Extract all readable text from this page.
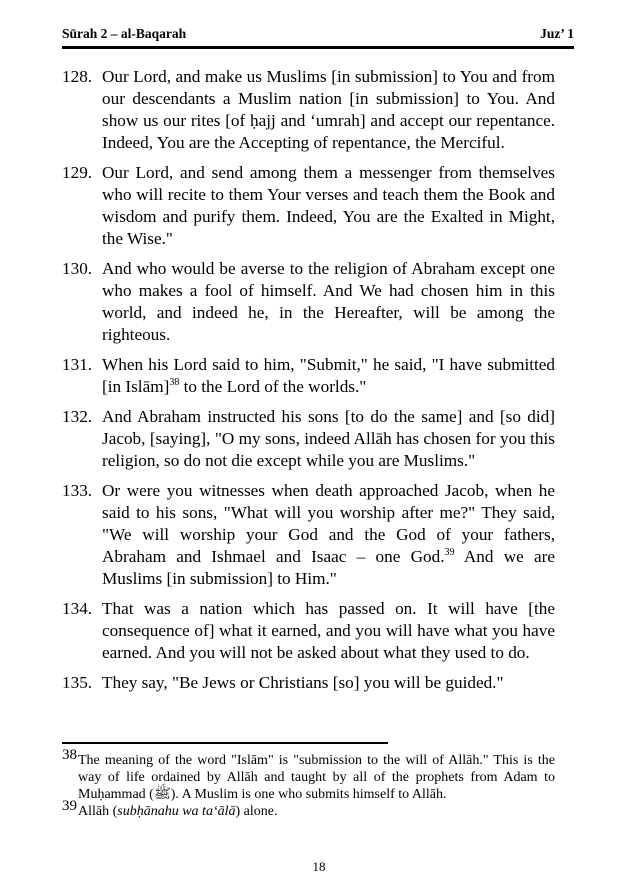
Sūrah 2 – al-Baqarah	Juz’ 1
128. Our Lord, and make us Muslims [in submission] to You and from our descendants a Muslim nation [in submission] to You. And show us our rites [of ḥajj and ‘umrah] and accept our repentance. Indeed, You are the Accepting of repentance, the Merciful.
129. Our Lord, and send among them a messenger from themselves who will recite to them Your verses and teach them the Book and wisdom and purify them. Indeed, You are the Exalted in Might, the Wise."
130. And who would be averse to the religion of Abraham except one who makes a fool of himself. And We had chosen him in this world, and indeed he, in the Hereafter, will be among the righteous.
131. When his Lord said to him, "Submit," he said, "I have submitted [in Islām]$^{38}$ to the Lord of the worlds."
132. And Abraham instructed his sons [to do the same] and [so did] Jacob, [saying], "O my sons, indeed Allāh has chosen for you this religion, so do not die except while you are Muslims."
133. Or were you witnesses when death approached Jacob, when he said to his sons, "What will you worship after me?" They said, "We will worship your God and the God of your fathers, Abraham and Ishmael and Isaac – one God.$^{39}$ And we are Muslims [in submission] to Him."
134. That was a nation which has passed on. It will have [the consequence of] what it earned, and you will have what you have earned. And you will not be asked about what they used to do.
135. They say, "Be Jews or Christians [so] you will be guided."
38 The meaning of the word "Islām" is "submission to the will of Allāh." This is the way of life ordained by Allāh and taught by all of the prophets from Adam to Muḥammad (ﷺ). A Muslim is one who submits himself to Allāh.
39 Allāh (subḥānahu wa ta‘ālā) alone.
18
